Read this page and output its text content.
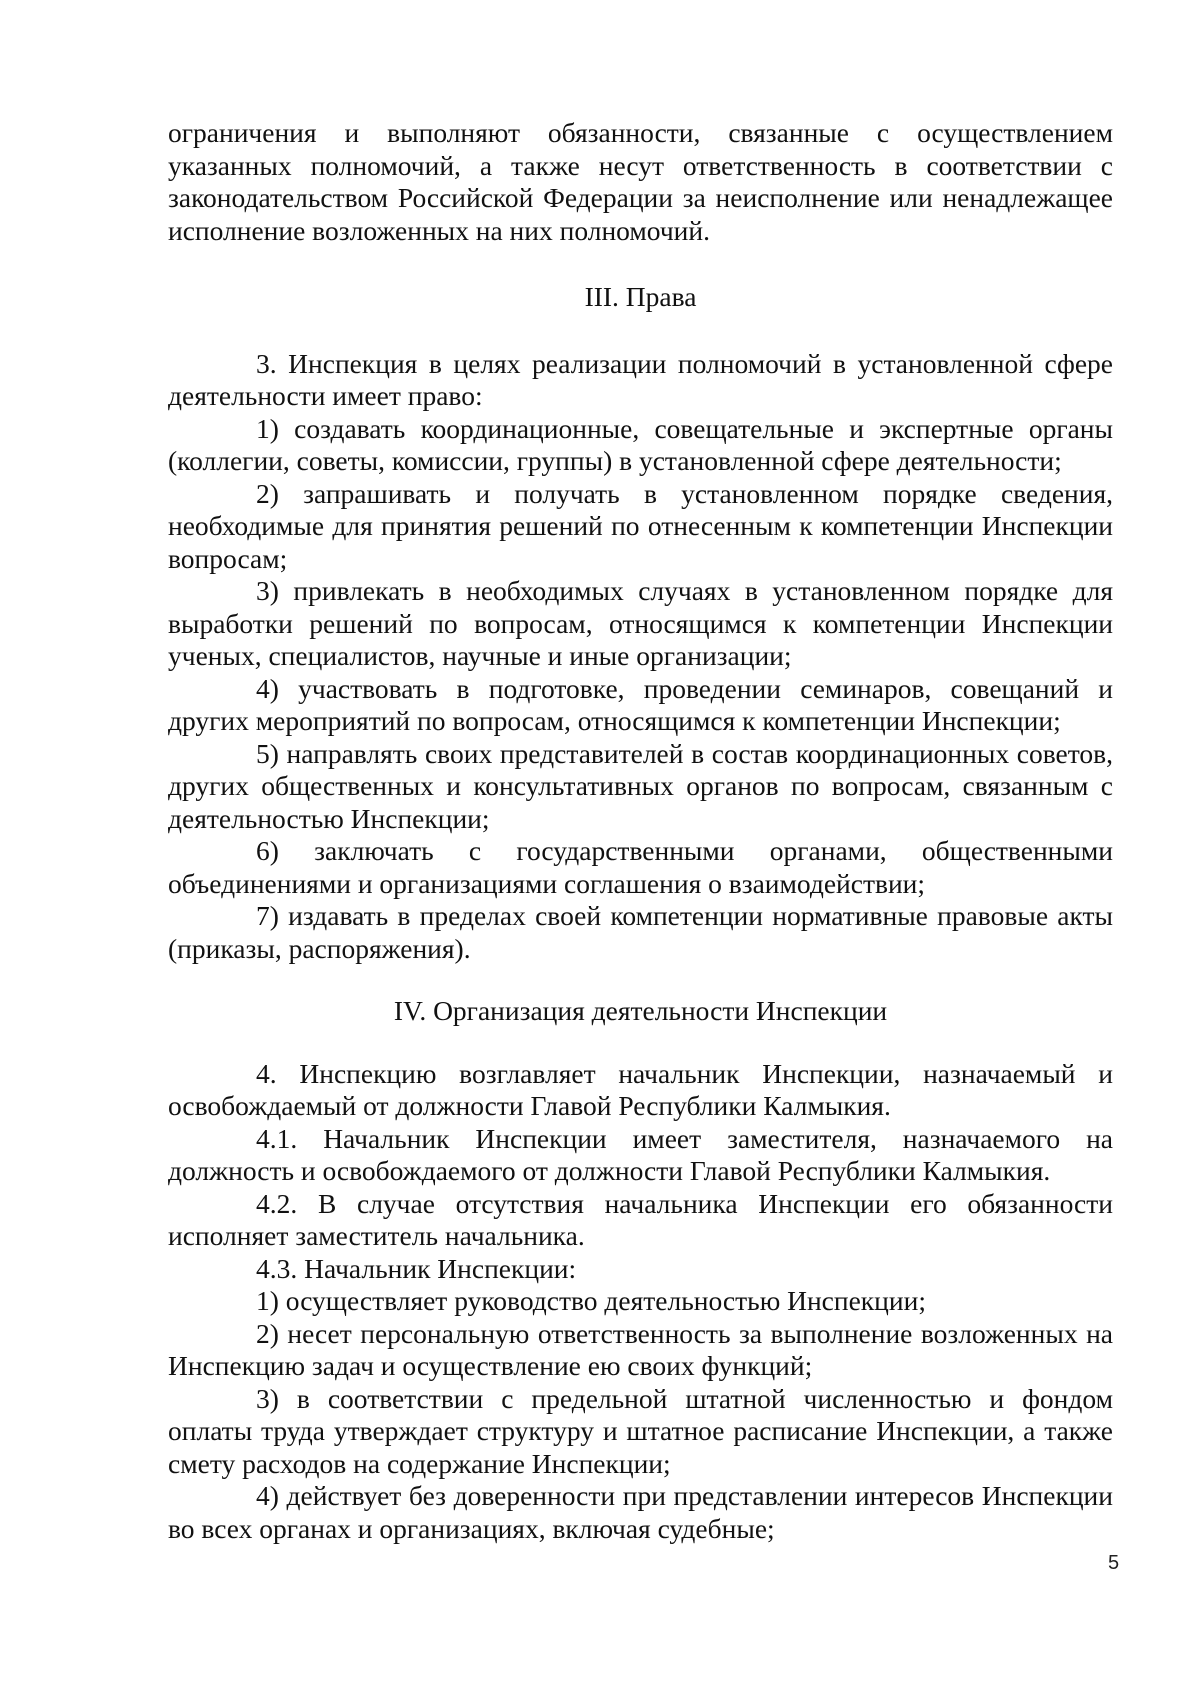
ограничения и выполняют обязанности, связанные с осуществлением указанных полномочий, а также несут ответственность в соответствии с законодательством Российской Федерации за неисполнение или ненадлежащее исполнение возложенных на них полномочий.

III. Права

3. Инспекция в целях реализации полномочий в установленной сфере деятельности имеет право:

1) создавать координационные, совещательные и экспертные органы (коллегии, советы, комиссии, группы) в установленной сфере деятельности;

2) запрашивать и получать в установленном порядке сведения, необходимые для принятия решений по отнесенным к компетенции Инспекции вопросам;

3) привлекать в необходимых случаях в установленном порядке для выработки решений по вопросам, относящимся к компетенции Инспекции ученых, специалистов, научные и иные организации;

4) участвовать в подготовке, проведении семинаров, совещаний и других мероприятий по вопросам, относящимся к компетенции Инспекции;

5) направлять своих представителей в состав координационных советов, других общественных и консультативных органов по вопросам, связанным с деятельностью Инспекции;

6) заключать с государственными органами, общественными объединениями и организациями соглашения о взаимодействии;

7) издавать в пределах своей компетенции нормативные правовые акты (приказы, распоряжения).

IV. Организация деятельности Инспекции

4. Инспекцию возглавляет начальник Инспекции, назначаемый и освобождаемый от должности Главой Республики Калмыкия.

4.1. Начальник Инспекции имеет заместителя, назначаемого на должность и освобождаемого от должности Главой Республики Калмыкия.

4.2. В случае отсутствия начальника Инспекции его обязанности исполняет заместитель начальника.

4.3. Начальник Инспекции:

1) осуществляет руководство деятельностью Инспекции;

2) несет персональную ответственность за выполнение возложенных на Инспекцию задач и осуществление ею своих функций;

3) в соответствии с предельной штатной численностью и фондом оплаты труда утверждает структуру и штатное расписание Инспекции, а также смету расходов на содержание Инспекции;

4) действует без доверенности при представлении интересов Инспекции во всех органах и организациях, включая судебные;

5
